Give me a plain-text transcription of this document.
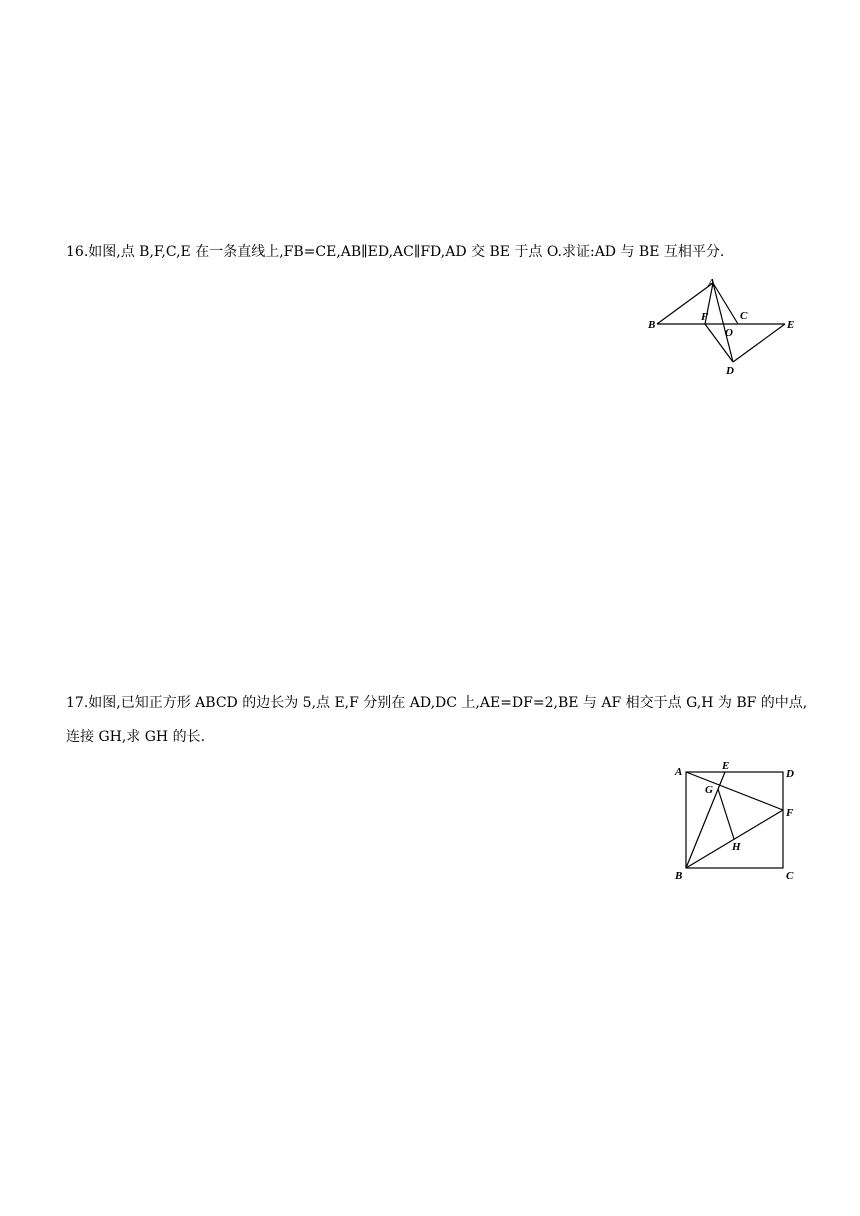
16.如图,点 B,F,C,E 在一条直线上,FB=CE,AB∥ED,AC∥FD,AD 交 BE 于点 O.求证:AD 与 BE 互相平分.
A
B
F	C
O
E
D
17.如图,已知正方形 ABCD 的边长为 5,点 E,F 分别在 AD,DC 上,AE=DF=2,BE 与 AF 相交于点 G,H 为 BF 的中点,
连接 GH,求 GH 的长.
A	E
D
G
F
H
B	C
